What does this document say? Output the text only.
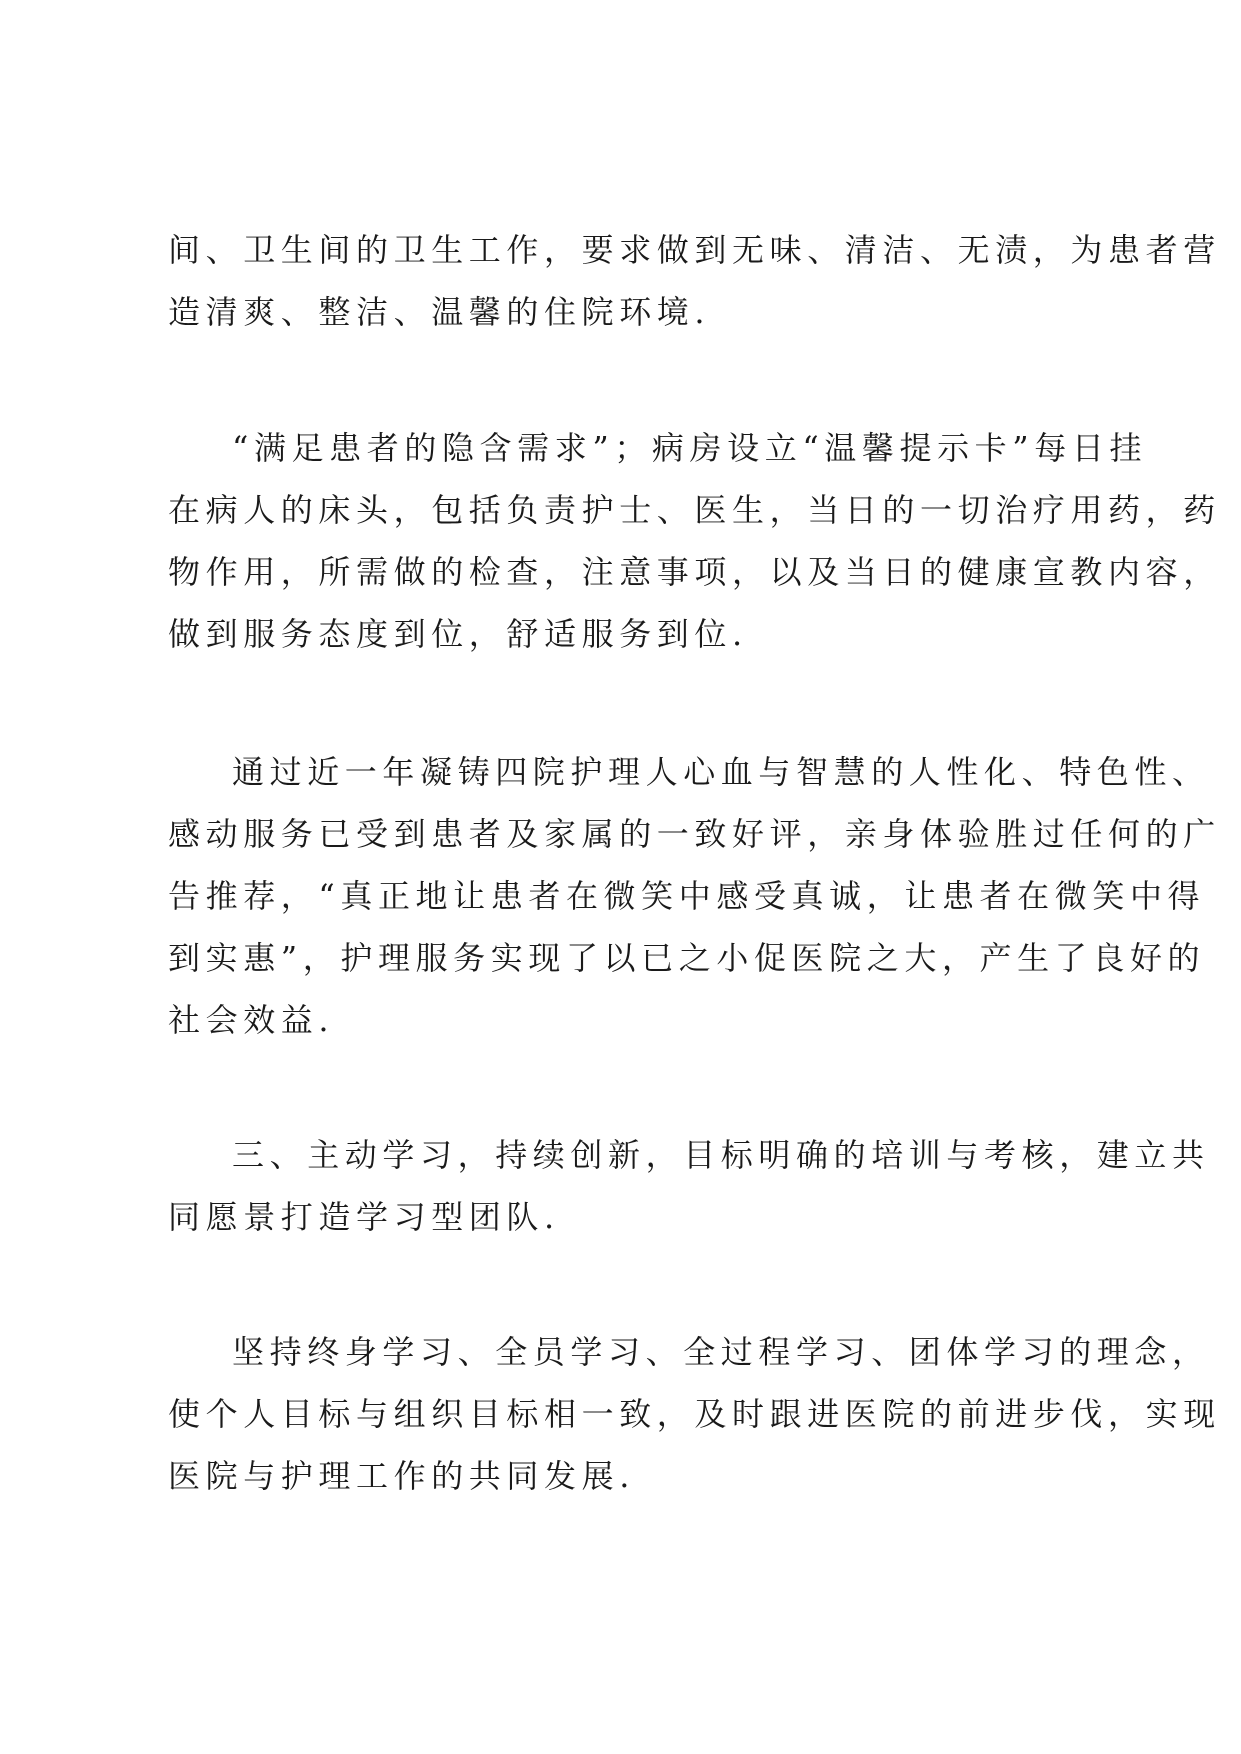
间、卫生间的卫生工作，要求做到无味、清洁、无渍，为患者营
造清爽、整洁、温馨的住院环境.
“满足患者的隐含需求”；病房设立“温馨提示卡”每日挂
在病人的床头，包括负责护士、医生，当日的一切治疗用药，药
物作用，所需做的检查，注意事项，以及当日的健康宣教内容，
做到服务态度到位，舒适服务到位.
通过近一年凝铸四院护理人心血与智慧的人性化、特色性、
感动服务已受到患者及家属的一致好评，亲身体验胜过任何的广
告推荐，“真正地让患者在微笑中感受真诚，让患者在微笑中得
到实惠”，护理服务实现了以已之小促医院之大，产生了良好的
社会效益.
三、主动学习，持续创新，目标明确的培训与考核，建立共
同愿景打造学习型团队.
坚持终身学习、全员学习、全过程学习、团体学习的理念，
使个人目标与组织目标相一致，及时跟进医院的前进步伐，实现
医院与护理工作的共同发展.
